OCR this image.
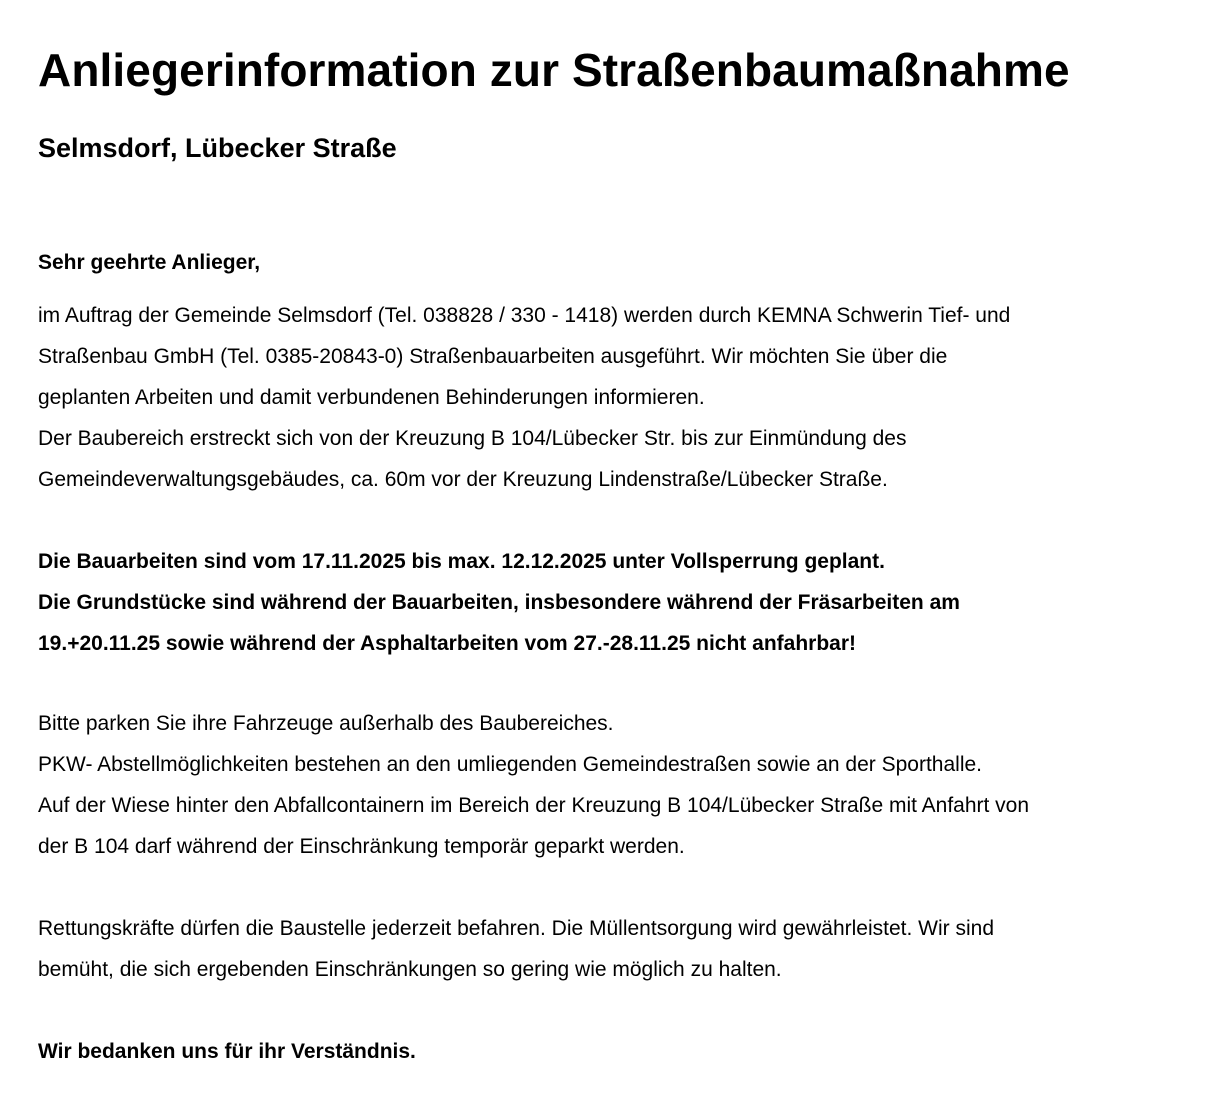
Anliegerinformation zur Straßenbaumaßnahme
Selmsdorf, Lübecker Straße

Sehr geehrte Anlieger,

im Auftrag der Gemeinde Selmsdorf (Tel. 038828 / 330 - 1418) werden durch KEMNA Schwerin Tief- und
Straßenbau GmbH (Tel. 0385-20843-0) Straßenbauarbeiten ausgeführt. Wir möchten Sie über die
geplanten Arbeiten und damit verbundenen Behinderungen informieren.
Der Baubereich erstreckt sich von der Kreuzung B 104/Lübecker Str. bis zur Einmündung des
Gemeindeverwaltungsgebäudes, ca. 60m vor der Kreuzung Lindenstraße/Lübecker Straße.

Die Bauarbeiten sind vom 17.11.2025 bis max. 12.12.2025 unter Vollsperrung geplant.
Die Grundstücke sind während der Bauarbeiten, insbesondere während der Fräsarbeiten am
19.+20.11.25 sowie während der Asphaltarbeiten vom 27.-28.11.25 nicht anfahrbar!

Bitte parken Sie ihre Fahrzeuge außerhalb des Baubereiches.
PKW- Abstellmöglichkeiten bestehen an den umliegenden Gemeindestraßen sowie an der Sporthalle.
Auf der Wiese hinter den Abfallcontainern im Bereich der Kreuzung B 104/Lübecker Straße mit Anfahrt von
der B 104 darf während der Einschränkung temporär geparkt werden.

Rettungskräfte dürfen die Baustelle jederzeit befahren. Die Müllentsorgung wird gewährleistet. Wir sind
bemüht, die sich ergebenden Einschränkungen so gering wie möglich zu halten.

Wir bedanken uns für ihr Verständnis.
